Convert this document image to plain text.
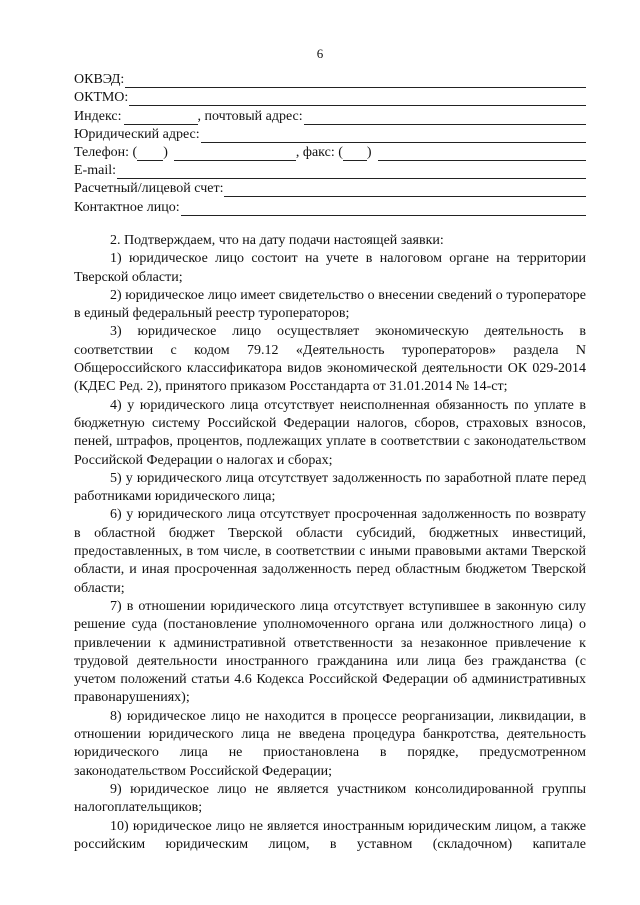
6
ОКВЭД:
ОКТМО:
Индекс:	, почтовый адрес:
Юридический адрес:
Телефон: ( )	, факс: ( )
E-mail:
Расчетный/лицевой счет:
Контактное лицо:

2. Подтверждаем, что на дату подачи настоящей заявки:

1) юридическое лицо состоит на учете в налоговом органе на территории Тверской области;

2) юридическое лицо имеет свидетельство о внесении сведений о туроператоре в единый федеральный реестр туроператоров;

3) юридическое лицо осуществляет экономическую деятельность в соответствии с кодом 79.12 «Деятельность туроператоров» раздела N Общероссийского классификатора видов экономической деятельности ОК 029-2014 (КДЕС Ред. 2), принятого приказом Росстандарта от 31.01.2014 № 14-ст;

4) у юридического лица отсутствует неисполненная обязанность по уплате в бюджетную систему Российской Федерации налогов, сборов, страховых взносов, пеней, штрафов, процентов, подлежащих уплате в соответствии с законодательством Российской Федерации о налогах и сборах;

5) у юридического лица отсутствует задолженность по заработной плате перед работниками юридического лица;

6) у юридического лица отсутствует просроченная задолженность по возврату в областной бюджет Тверской области субсидий, бюджетных инвестиций, предоставленных, в том числе, в соответствии с иными правовыми актами Тверской области, и иная просроченная задолженность перед областным бюджетом Тверской области;

7) в отношении юридического лица отсутствует вступившее в законную силу решение суда (постановление уполномоченного органа или должностного лица) о привлечении к административной ответственности за незаконное привлечение к трудовой деятельности иностранного гражданина или лица без гражданства (с учетом положений статьи 4.6 Кодекса Российской Федерации об административных правонарушениях);

8) юридическое лицо не находится в процессе реорганизации, ликвидации, в отношении юридического лица не введена процедура банкротства, деятельность юридического лица не приостановлена в порядке, предусмотренном законодательством Российской Федерации;

9) юридическое лицо не является участником консолидированной группы налогоплательщиков;

10) юридическое лицо не является иностранным юридическим лицом, а также российским юридическим лицом, в уставном (складочном) капитале
